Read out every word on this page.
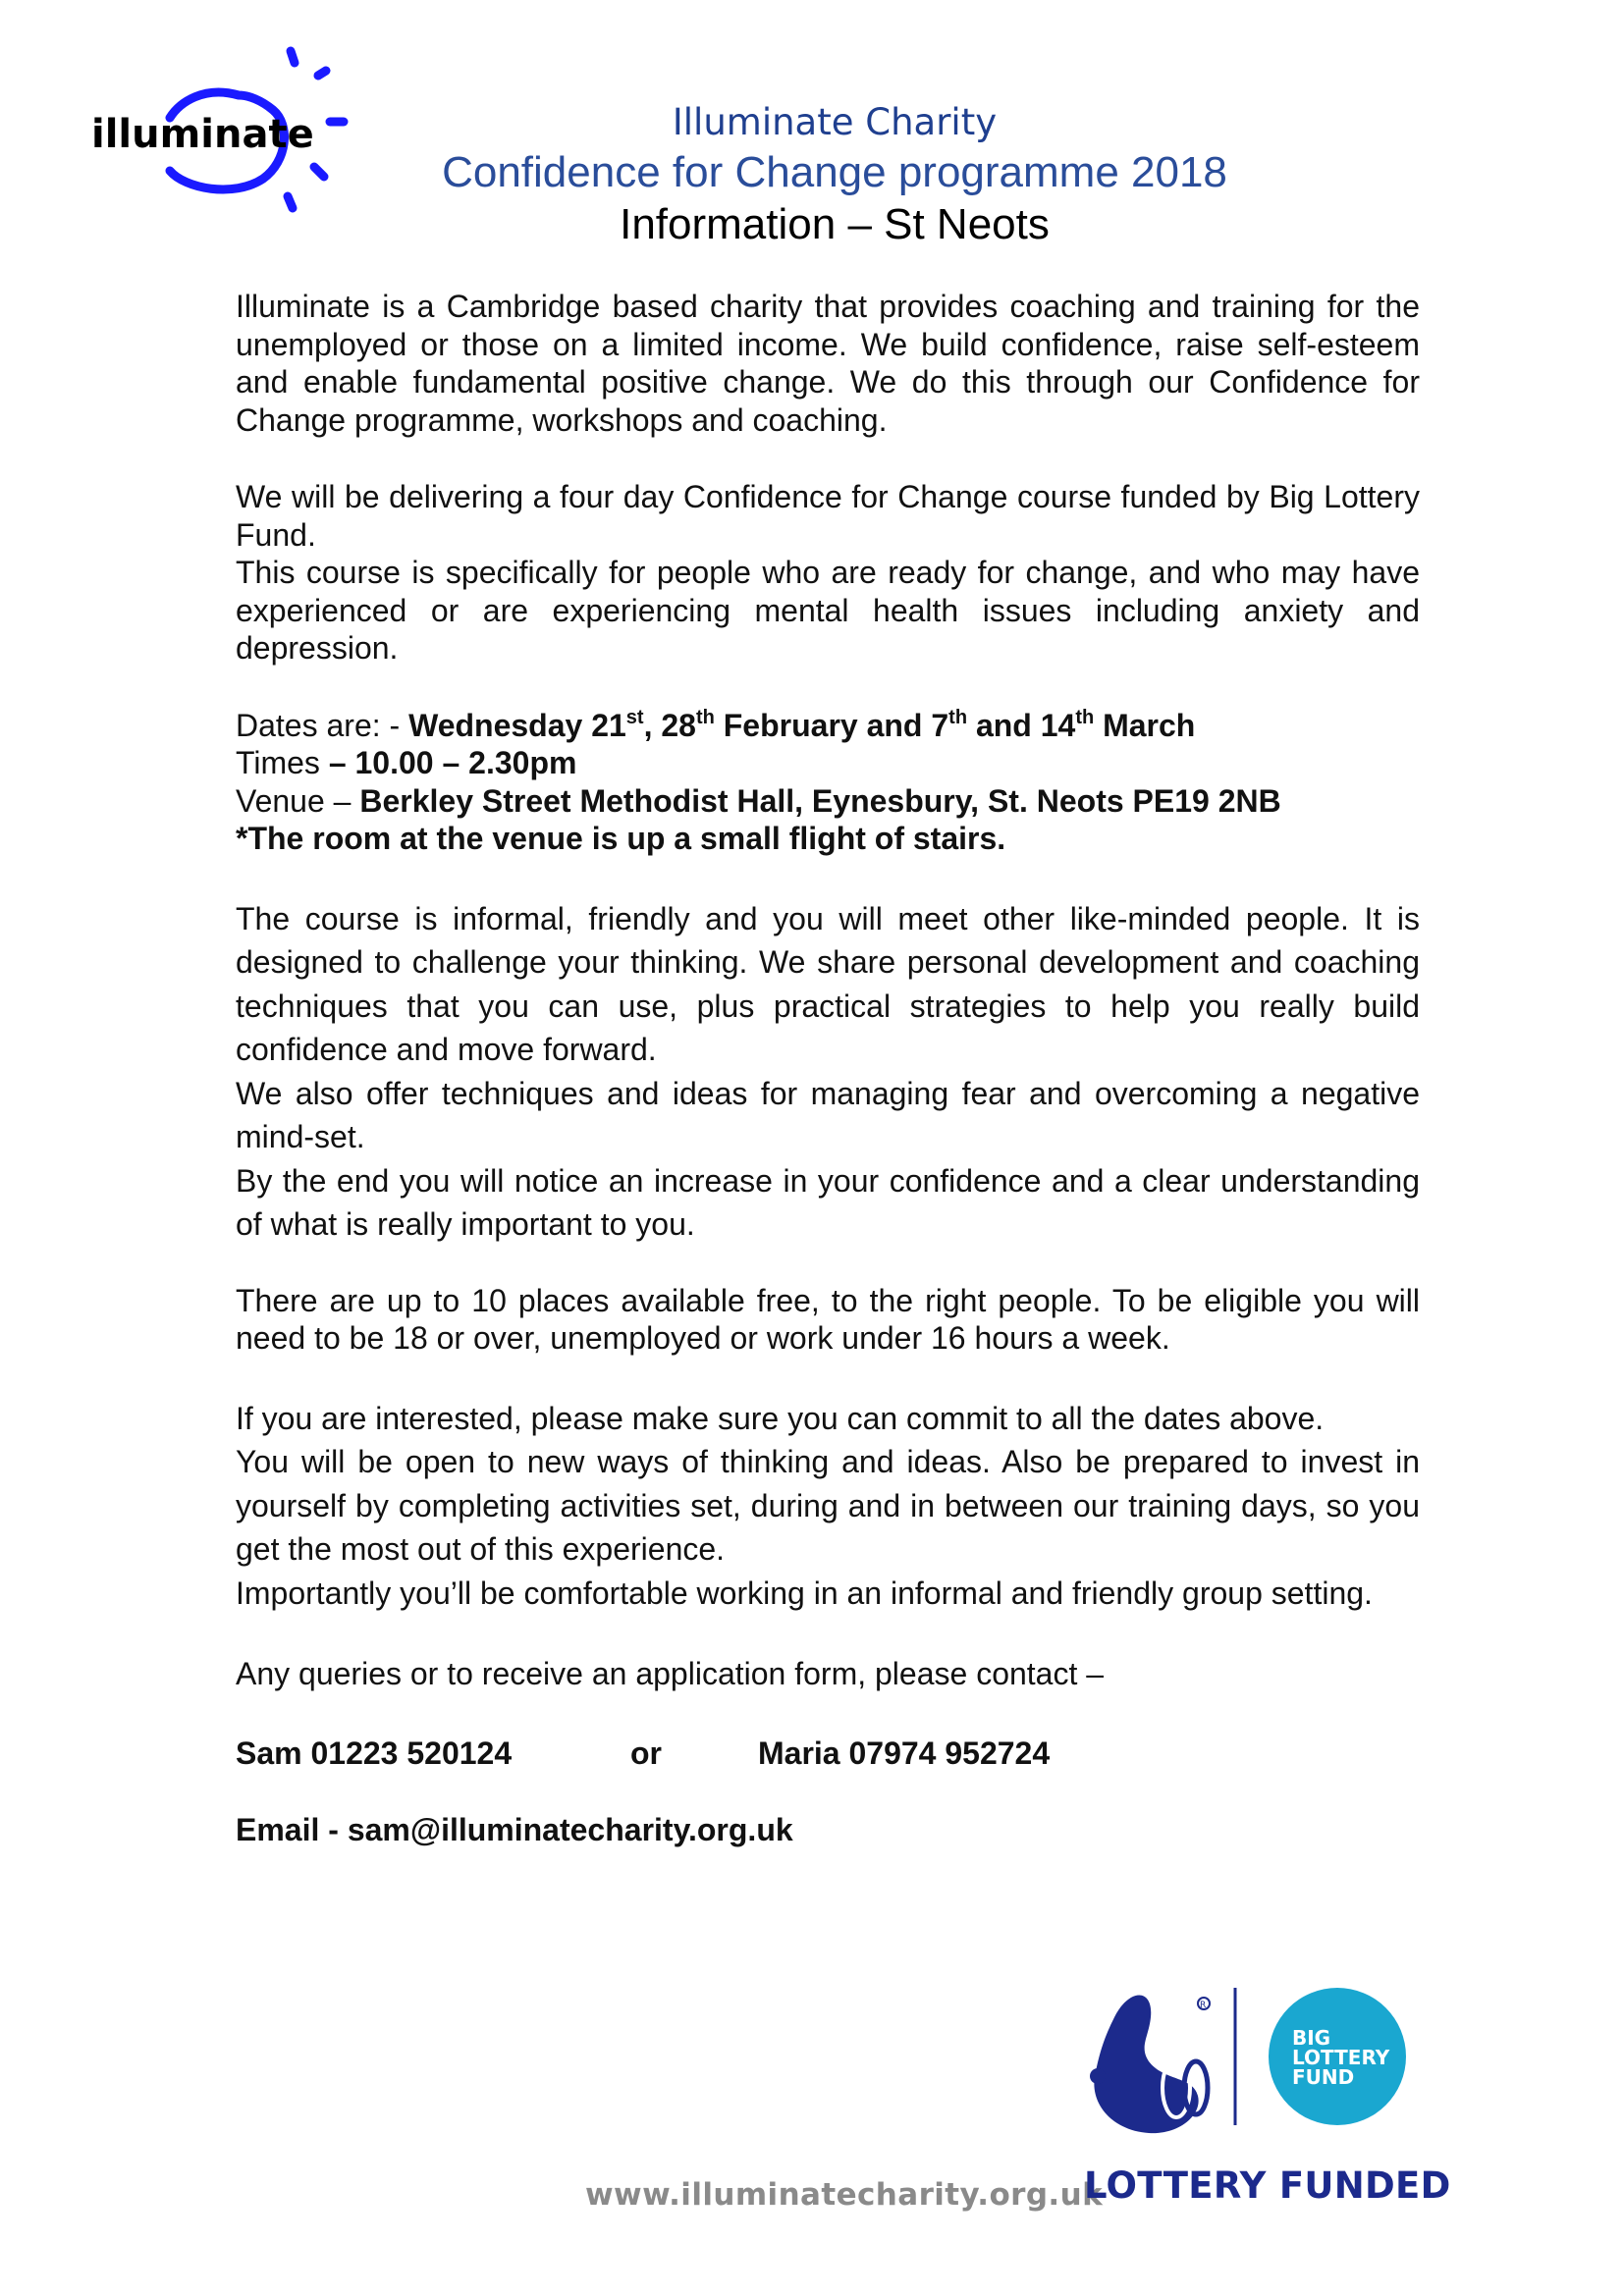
illuminate	Illuminate Charity
Confidence for Change programme 2018
Information – St Neots

Illuminate is a Cambridge based charity that provides coaching and training for the unemployed or those on a limited income. We build confidence, raise self-esteem and enable fundamental positive change. We do this through our Confidence for Change programme, workshops and coaching.

We will be delivering a four day Confidence for Change course funded by Big Lottery Fund.

This course is specifically for people who are ready for change, and who may have experienced or are experiencing mental health issues including anxiety and depression.

Dates are: - Wednesday 21st, 28th February and 7th and 14th March
Times – 10.00 – 2.30pm
Venue – Berkley Street Methodist Hall, Eynesbury, St. Neots PE19 2NB
*The room at the venue is up a small flight of stairs.

The course is informal, friendly and you will meet other like-minded people. It is designed to challenge your thinking. We share personal development and coaching techniques that you can use, plus practical strategies to help you really build confidence and move forward.

We also offer techniques and ideas for managing fear and overcoming a negative mind-set.

By the end you will notice an increase in your confidence and a clear understanding of what is really important to you.

There are up to 10 places available free, to the right people. To be eligible you will need to be 18 or over, unemployed or work under 16 hours a week.

If you are interested, please make sure you can commit to all the dates above.

You will be open to new ways of thinking and ideas. Also be prepared to invest in yourself by completing activities set, during and in between our training days, so you get the most out of this experience.

Importantly you’ll be comfortable working in an informal and friendly group setting.

Any queries or to receive an application form, please contact –

Sam 01223 520124	or	Maria 07974 952724
Email - sam@illuminatecharity.org.uk
www.illuminatecharity.org.uk
R
BIG
LOTTERY
FUND
LOTTERY FUNDED
